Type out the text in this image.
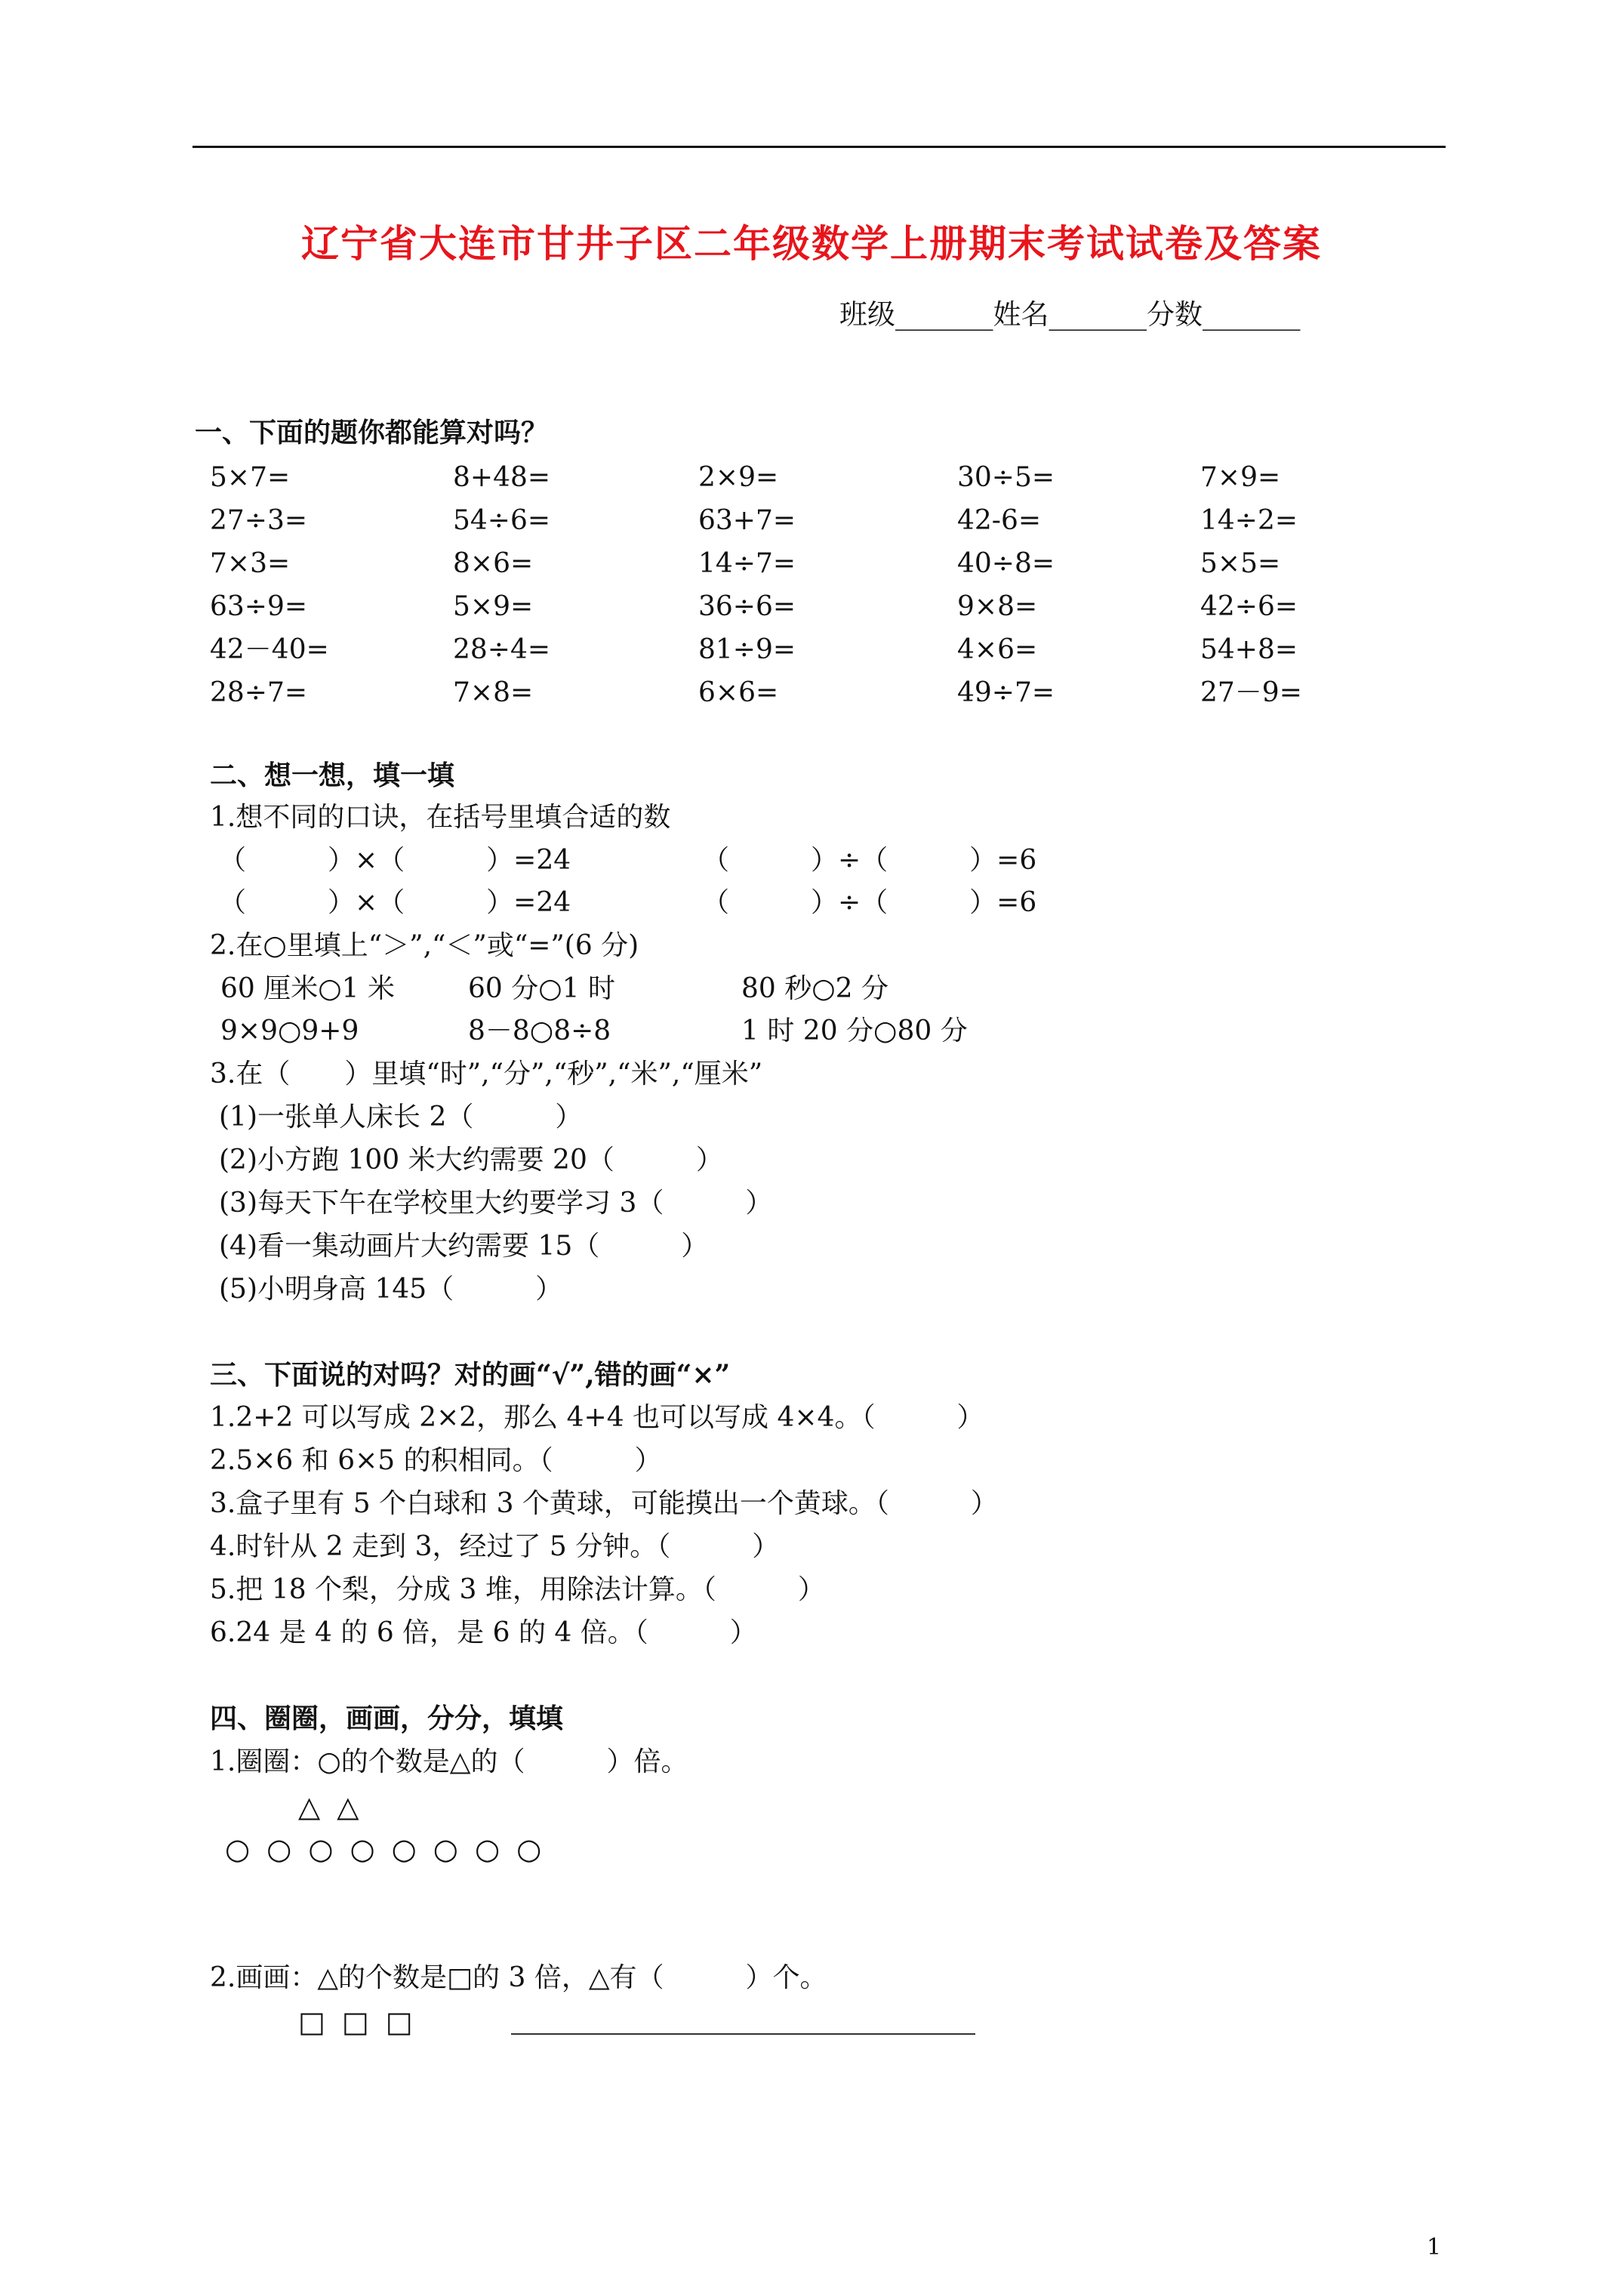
辽宁省大连市甘井子区二年级数学上册期末考试试卷及答案
班级_______姓名_______分数_______
一、下面的题你都能算对吗？
5×7=	8+48=	2×9=	30÷5=	7×9=
27÷3=	54÷6=	63+7=	42-6=	14÷2=
7×3=	8×6=	14÷7=	40÷8=	5×5=
63÷9=	5×9=	36÷6=	9×8=	42÷6=
42－40=	28÷4=	81÷9=	4×6=	54+8=
28÷7=	7×8=	6×6=	49÷7=	27－9=
二、想一想，填一填
1.想不同的口诀，在括号里填合适的数
（　　　）×（　　　）=24	（　　　）÷（　　　）=6
（　　　）×（　　　）=24	（　　　）÷（　　　）=6
2.在○里填上“＞”,“＜”或“=”(6 分)
60 厘米○1 米	60 分○1 时	80 秒○2 分
9×9○9+9	8－8○8÷8	1 时 20 分○80 分
3.在（　　）里填“时”,“分”,“秒”,“米”,“厘米”
(1)一张单人床长 2（　　　）
(2)小方跑 100 米大约需要 20（　　　）
(3)每天下午在学校里大约要学习 3（　　　）
(4)看一集动画片大约需要 15（　　　）
(5)小明身高 145（　　　）
三、下面说的对吗？对的画“√”,错的画“×”
1.2+2 可以写成 2×2，那么 4+4 也可以写成 4×4。（　　　）
2.5×6 和 6×5 的积相同。（　　　）
3.盒子里有 5 个白球和 3 个黄球，可能摸出一个黄球。（　　　）
4.时针从 2 走到 3，经过了 5 分钟。（　　　）
5.把 18 个梨，分成 3 堆，用除法计算。（　　　）
6.24 是 4 的 6 倍，是 6 的 4 倍。（　　　）
四、圈圈，画画，分分，填填
1.圈圈：○的个数是△的（　　　）倍。
△△
○○○○○○○○
2.画画：△的个数是□的 3 倍，△有（　　　）个。
□□□
1
